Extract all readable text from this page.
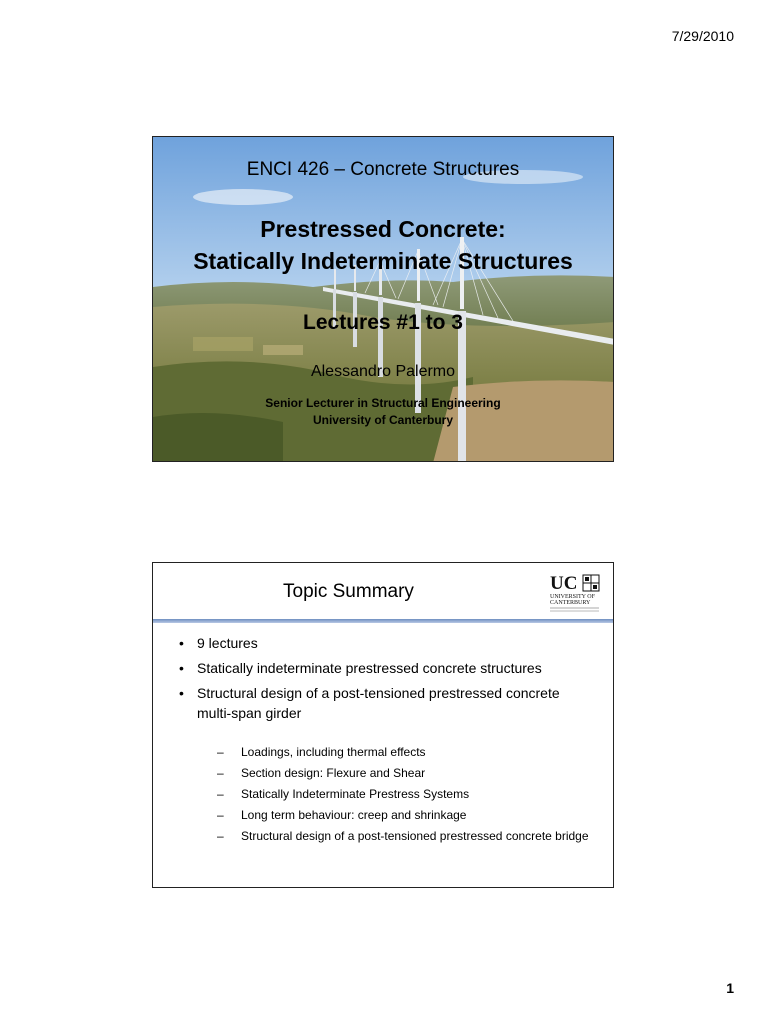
7/29/2010
ENCI 426 – Concrete Structures
Prestressed Concrete:
Statically Indeterminate Structures
Lectures #1 to 3
Alessandro Palermo
Senior Lecturer in Structural Engineering
University of Canterbury
Topic Summary	UC
UNIVERSITY OF
CANTERBURY
• 9 lectures
• Statically indeterminate prestressed concrete structures
• Structural design of a post-tensioned prestressed concrete multi-span girder
– Loadings, including thermal effects
– Section design: Flexure and Shear
– Statically Indeterminate Prestress Systems
– Long term behaviour: creep and shrinkage
– Structural design of a post-tensioned prestressed concrete bridge
1
